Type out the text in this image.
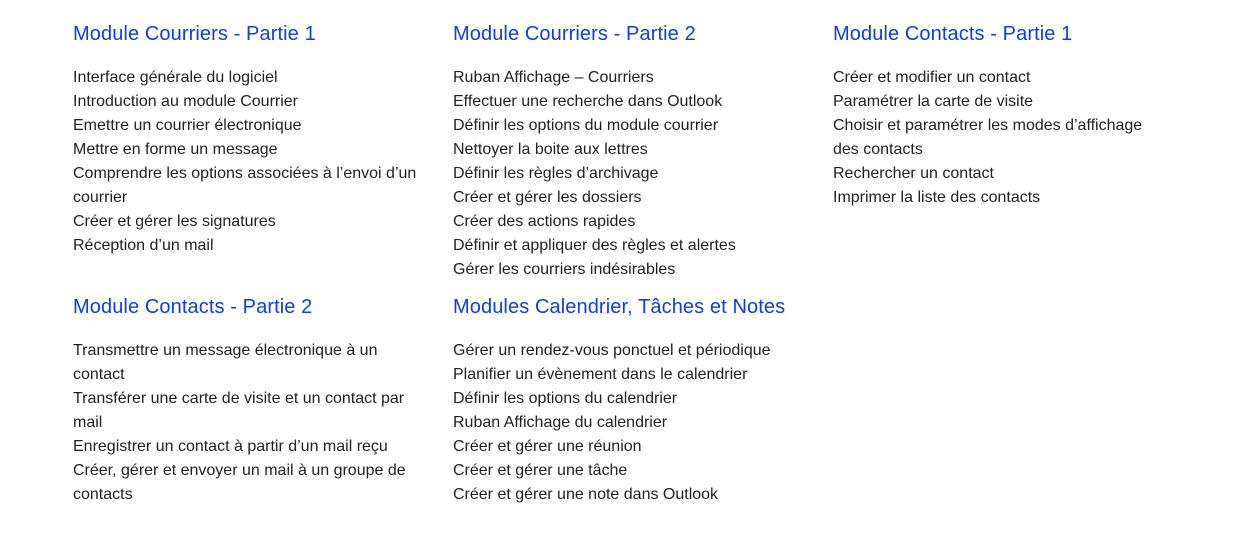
Module Courriers - Partie 1
Interface générale du logiciel
Introduction au module Courrier
Emettre un courrier électronique
Mettre en forme un message
Comprendre les options associées à l’envoi d’un courrier
Créer et gérer les signatures
Réception d’un mail
Module Courriers - Partie 2
Ruban Affichage – Courriers
Effectuer une recherche dans Outlook
Définir les options du module courrier
Nettoyer la boite aux lettres
Définir les règles d’archivage
Créer et gérer les dossiers
Créer des actions rapides
Définir et appliquer des règles et alertes
Gérer les courriers indésirables
Module Contacts - Partie 1
Créer et modifier un contact
Paramétrer la carte de visite
Choisir et paramétrer les modes d’affichage des contacts
Rechercher un contact
Imprimer la liste des contacts
Module Contacts - Partie 2
Transmettre un message électronique à un contact
Transférer une carte de visite et un contact par mail
Enregistrer un contact à partir d’un mail reçu
Créer, gérer et envoyer un mail à un groupe de contacts
Modules Calendrier, Tâches et Notes
Gérer un rendez-vous ponctuel et périodique
Planifier un évènement dans le calendrier
Définir les options du calendrier
Ruban Affichage du calendrier
Créer et gérer une réunion
Créer et gérer une tâche
Créer et gérer une note dans Outlook
